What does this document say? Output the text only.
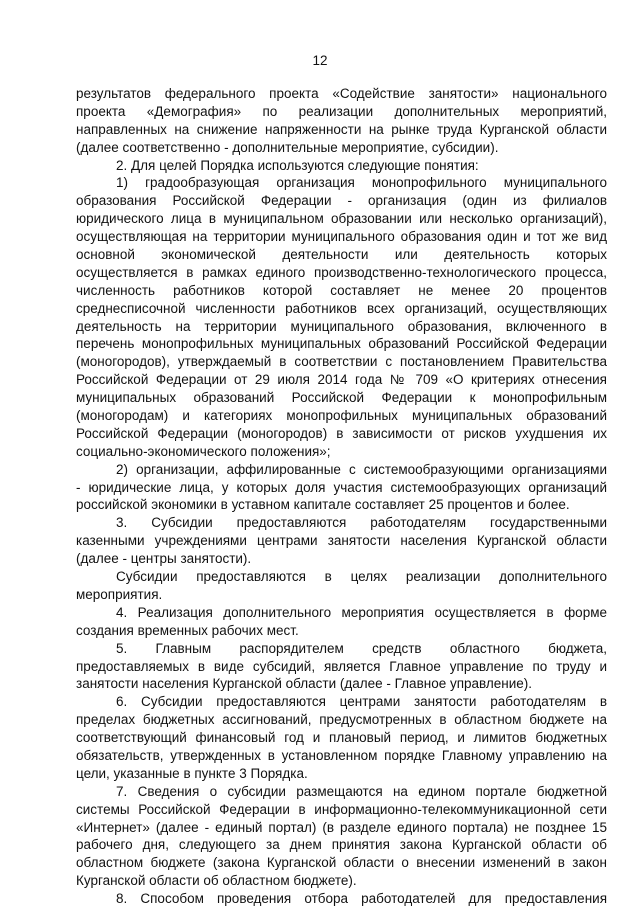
12
результатов федерального проекта «Содействие занятости» национального
проекта «Демография» по реализации дополнительных мероприятий,
направленных на снижение напряженности на рынке труда Курганской области
(далее соответственно - дополнительные мероприятие, субсидии).
2. Для целей Порядка используются следующие понятия:
1) градообразующая организация монопрофильного муниципального
образования Российской Федерации - организация (один из филиалов
юридического лица в муниципальном образовании или несколько организаций),
осуществляющая на территории муниципального образования один и тот же вид
основной экономической деятельности или деятельность которых
осуществляется в рамках единого производственно-технологического процесса,
численность работников которой составляет не менее 20 процентов
среднесписочной численности работников всех организаций, осуществляющих
деятельность на территории муниципального образования, включенного в
перечень монопрофильных муниципальных образований Российской Федерации
(моногородов), утверждаемый в соответствии с постановлением Правительства
Российской Федерации от 29 июля 2014 года № 709 «О критериях отнесения
муниципальных образований Российской Федерации к монопрофильным
(моногородам) и категориях монопрофильных муниципальных образований
Российской Федерации (моногородов) в зависимости от рисков ухудшения их
социально-экономического положения»;
2) организации, аффилированные с системообразующими организациями
- юридические лица, у которых доля участия системообразующих организаций
российской экономики в уставном капитале составляет 25 процентов и более.
3. Субсидии предоставляются работодателям государственными
казенными учреждениями центрами занятости населения Курганской области
(далее - центры занятости).
Субсидии предоставляются в целях реализации дополнительного
мероприятия.
4. Реализация дополнительного мероприятия осуществляется в форме
создания временных рабочих мест.
5. Главным распорядителем средств областного бюджета,
предоставляемых в виде субсидий, является Главное управление по труду и
занятости населения Курганской области (далее - Главное управление).
6. Субсидии предоставляются центрами занятости работодателям в
пределах бюджетных ассигнований, предусмотренных в областном бюджете на
соответствующий финансовый год и плановый период, и лимитов бюджетных
обязательств, утвержденных в установленном порядке Главному управлению на
цели, указанные в пункте 3 Порядка.
7. Сведения о субсидии размещаются на едином портале бюджетной
системы Российской Федерации в информационно-телекоммуникационной сети
«Интернет» (далее - единый портал) (в разделе единого портала) не позднее 15
рабочего дня, следующего за днем принятия закона Курганской области об
областном бюджете (закона Курганской области о внесении изменений в закон
Курганской области об областном бюджете).
8. Способом проведения отбора работодателей для предоставления
